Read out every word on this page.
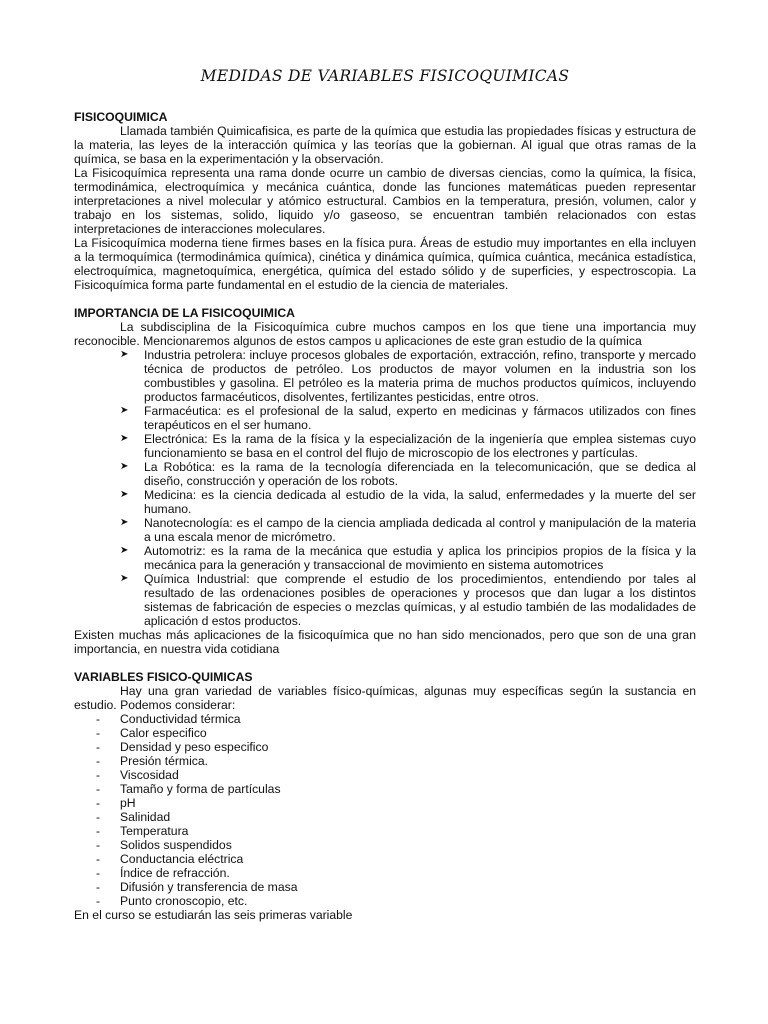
MEDIDAS DE VARIABLES FISICOQUIMICAS
FISICOQUIMICA

Llamada también Quimicafisica, es parte de la química que estudia las propiedades físicas y estructura de la materia, las leyes de la interacción química y las teorías que la gobiernan. Al igual que otras ramas de la química, se basa en la experimentación y la observación.

La Fisicoquímica representa una rama donde ocurre un cambio de diversas ciencias, como la química, la física, termodinámica, electroquímica y mecánica cuántica, donde las funciones matemáticas pueden representar interpretaciones a nivel molecular y atómico estructural. Cambios en la temperatura, presión, volumen, calor y trabajo en los sistemas, solido, liquido y/o gaseoso, se encuentran también relacionados con estas interpretaciones de interacciones moleculares.

La Fisicoquímica moderna tiene firmes bases en la física pura. Áreas de estudio muy importantes en ella incluyen a la termoquímica (termodinámica química), cinética y dinámica química, química cuántica, mecánica estadística, electroquímica, magnetoquímica, energética, química del estado sólido y de superficies, y espectroscopia. La Fisicoquímica forma parte fundamental en el estudio de la ciencia de materiales.

IMPORTANCIA DE LA FISICOQUIMICA

La subdisciplina de la Fisicoquímica cubre muchos campos en los que tiene una importancia muy reconocible. Mencionaremos algunos de estos campos u aplicaciones de este gran estudio de la química

➤ Industria petrolera: incluye procesos globales de exportación, extracción, refino, transporte y mercado técnica de productos de petróleo. Los productos de mayor volumen en la industria son los combustibles y gasolina. El petróleo es la materia prima de muchos productos químicos, incluyendo productos farmacéuticos, disolventes, fertilizantes pesticidas, entre otros.
➤ Farmacéutica: es el profesional de la salud, experto en medicinas y fármacos utilizados con fines terapéuticos en el ser humano.
➤ Electrónica: Es la rama de la física y la especialización de la ingeniería que emplea sistemas cuyo funcionamiento se basa en el control del flujo de microscopio de los electrones y partículas.
➤ La Robótica: es la rama de la tecnología diferenciada en la telecomunicación, que se dedica al diseño, construcción y operación de los robots.
➤ Medicina: es la ciencia dedicada al estudio de la vida, la salud, enfermedades y la muerte del ser humano.
➤ Nanotecnología: es el campo de la ciencia ampliada dedicada al control y manipulación de la materia a una escala menor de micrómetro.
➤ Automotriz: es la rama de la mecánica que estudia y aplica los principios propios de la física y la mecánica para la generación y transaccional de movimiento en sistema automotrices
➤ Química Industrial: que comprende el estudio de los procedimientos, entendiendo por tales al resultado de las ordenaciones posibles de operaciones y procesos que dan lugar a los distintos sistemas de fabricación de especies o mezclas químicas, y al estudio también de las modalidades de aplicación d estos productos.

Existen muchas más aplicaciones de la fisicoquímica que no han sido mencionados, pero que son de una gran importancia, en nuestra vida cotidiana

VARIABLES FISICO-QUIMICAS

Hay una gran variedad de variables físico-químicas, algunas muy específicas según la sustancia en estudio. Podemos considerar:

- Conductividad térmica
- Calor especifico
- Densidad y peso especifico
- Presión térmica.
- Viscosidad
- Tamaño y forma de partículas
- pH
- Salinidad
- Temperatura
- Solidos suspendidos
- Conductancia eléctrica
- Índice de refracción.
- Difusión y transferencia de masa
- Punto cronoscopio, etc.

En el curso se estudiarán las seis primeras variable
